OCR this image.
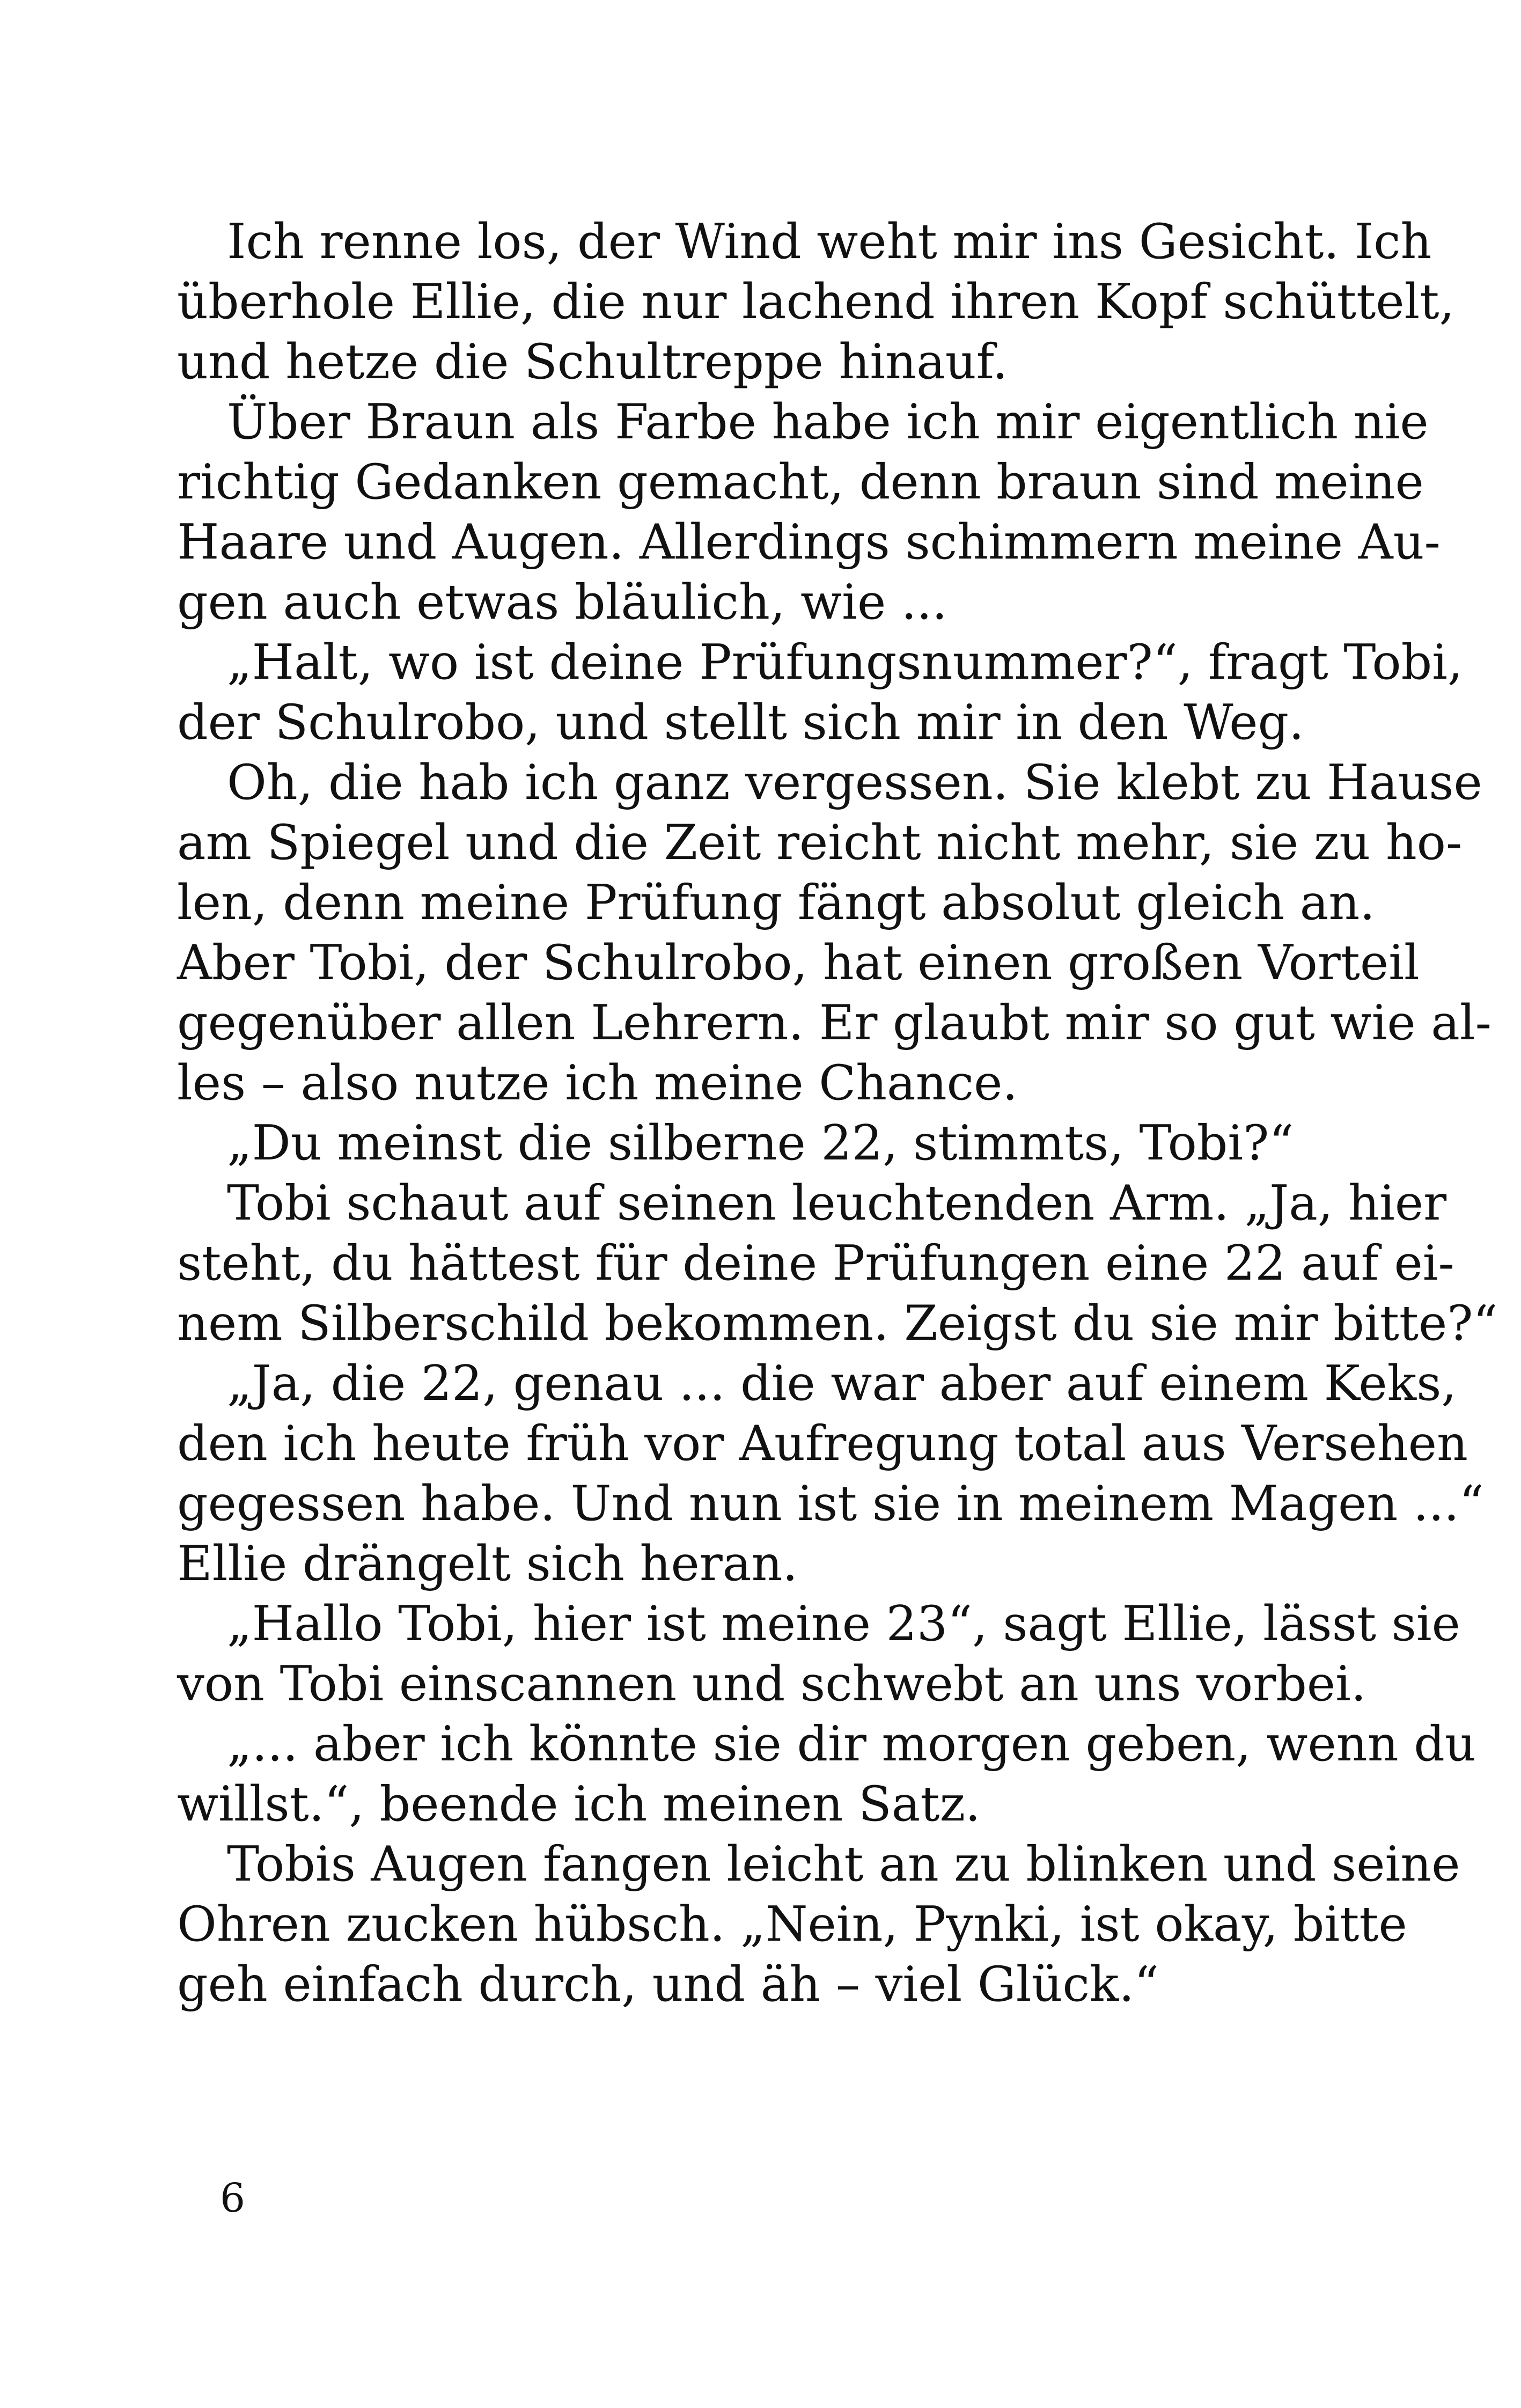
Ich renne los, der Wind weht mir ins Gesicht. Ich
überhole Ellie, die nur lachend ihren Kopf schüttelt,
und hetze die Schultreppe hinauf.
Über Braun als Farbe habe ich mir eigentlich nie
richtig Gedanken gemacht, denn braun sind meine
Haare und Augen. Allerdings schimmern meine Au-
gen auch etwas bläulich, wie ...
„Halt, wo ist deine Prüfungsnummer?“, fragt Tobi,
der Schulrobo, und stellt sich mir in den Weg.
Oh, die hab ich ganz vergessen. Sie klebt zu Hause
am Spiegel und die Zeit reicht nicht mehr, sie zu ho-
len, denn meine Prüfung fängt absolut gleich an.
Aber Tobi, der Schulrobo, hat einen großen Vorteil
gegenüber allen Lehrern. Er glaubt mir so gut wie al-
les – also nutze ich meine Chance.
„Du meinst die silberne 22, stimmts, Tobi?“
Tobi schaut auf seinen leuchtenden Arm. „Ja, hier
steht, du hättest für deine Prüfungen eine 22 auf ei-
nem Silberschild bekommen. Zeigst du sie mir bitte?“
„Ja, die 22, genau ... die war aber auf einem Keks,
den ich heute früh vor Aufregung total aus Versehen
gegessen habe. Und nun ist sie in meinem Magen ...“
Ellie drängelt sich heran.
„Hallo Tobi, hier ist meine 23“, sagt Ellie, lässt sie
von Tobi einscannen und schwebt an uns vorbei.
„... aber ich könnte sie dir morgen geben, wenn du
willst.“, beende ich meinen Satz.
Tobis Augen fangen leicht an zu blinken und seine
Ohren zucken hübsch. „Nein, Pynki, ist okay, bitte
geh einfach durch, und äh – viel Glück.“
6
